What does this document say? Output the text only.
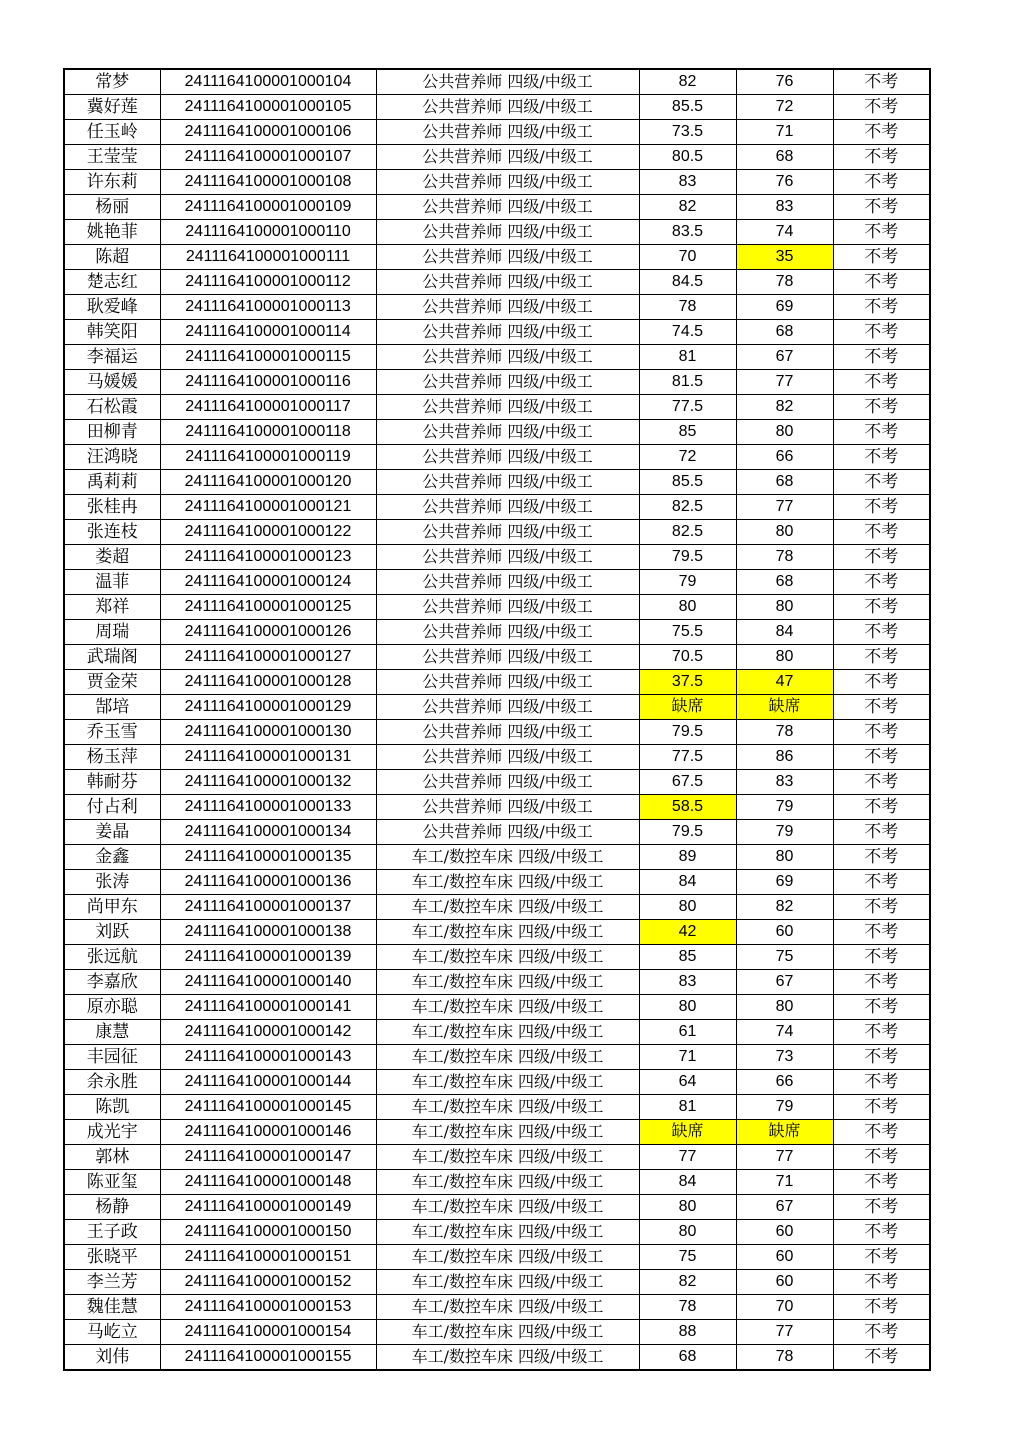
常梦	2411164100001000104	公共营养师 四级/中级工	82	76	不考
冀好莲	2411164100001000105	公共营养师 四级/中级工	85.5	72	不考
任玉岭	2411164100001000106	公共营养师 四级/中级工	73.5	71	不考
王莹莹	2411164100001000107	公共营养师 四级/中级工	80.5	68	不考
许东莉	2411164100001000108	公共营养师 四级/中级工	83	76	不考
杨丽	2411164100001000109	公共营养师 四级/中级工	82	83	不考
姚艳菲	2411164100001000110	公共营养师 四级/中级工	83.5	74	不考
陈超	2411164100001000111	公共营养师 四级/中级工	70	35	不考
楚志红	2411164100001000112	公共营养师 四级/中级工	84.5	78	不考
耿爱峰	2411164100001000113	公共营养师 四级/中级工	78	69	不考
韩笑阳	2411164100001000114	公共营养师 四级/中级工	74.5	68	不考
李福运	2411164100001000115	公共营养师 四级/中级工	81	67	不考
马媛媛	2411164100001000116	公共营养师 四级/中级工	81.5	77	不考
石松霞	2411164100001000117	公共营养师 四级/中级工	77.5	82	不考
田柳青	2411164100001000118	公共营养师 四级/中级工	85	80	不考
汪鸿晓	2411164100001000119	公共营养师 四级/中级工	72	66	不考
禹莉莉	2411164100001000120	公共营养师 四级/中级工	85.5	68	不考
张桂冉	2411164100001000121	公共营养师 四级/中级工	82.5	77	不考
张连枝	2411164100001000122	公共营养师 四级/中级工	82.5	80	不考
娄超	2411164100001000123	公共营养师 四级/中级工	79.5	78	不考
温菲	2411164100001000124	公共营养师 四级/中级工	79	68	不考
郑祥	2411164100001000125	公共营养师 四级/中级工	80	80	不考
周瑞	2411164100001000126	公共营养师 四级/中级工	75.5	84	不考
武瑞阁	2411164100001000127	公共营养师 四级/中级工	70.5	80	不考
贾金荣	2411164100001000128	公共营养师 四级/中级工	37.5	47	不考
郜培	2411164100001000129	公共营养师 四级/中级工	缺席	缺席	不考
乔玉雪	2411164100001000130	公共营养师 四级/中级工	79.5	78	不考
杨玉萍	2411164100001000131	公共营养师 四级/中级工	77.5	86	不考
韩耐芬	2411164100001000132	公共营养师 四级/中级工	67.5	83	不考
付占利	2411164100001000133	公共营养师 四级/中级工	58.5	79	不考
姜晶	2411164100001000134	公共营养师 四级/中级工	79.5	79	不考
金鑫	2411164100001000135	车工/数控车床 四级/中级工	89	80	不考
张涛	2411164100001000136	车工/数控车床 四级/中级工	84	69	不考
尚甲东	2411164100001000137	车工/数控车床 四级/中级工	80	82	不考
刘跃	2411164100001000138	车工/数控车床 四级/中级工	42	60	不考
张远航	2411164100001000139	车工/数控车床 四级/中级工	85	75	不考
李嘉欣	2411164100001000140	车工/数控车床 四级/中级工	83	67	不考
原亦聪	2411164100001000141	车工/数控车床 四级/中级工	80	80	不考
康慧	2411164100001000142	车工/数控车床 四级/中级工	61	74	不考
丰园征	2411164100001000143	车工/数控车床 四级/中级工	71	73	不考
余永胜	2411164100001000144	车工/数控车床 四级/中级工	64	66	不考
陈凯	2411164100001000145	车工/数控车床 四级/中级工	81	79	不考
成光宇	2411164100001000146	车工/数控车床 四级/中级工	缺席	缺席	不考
郭林	2411164100001000147	车工/数控车床 四级/中级工	77	77	不考
陈亚玺	2411164100001000148	车工/数控车床 四级/中级工	84	71	不考
杨静	2411164100001000149	车工/数控车床 四级/中级工	80	67	不考
王子政	2411164100001000150	车工/数控车床 四级/中级工	80	60	不考
张晓平	2411164100001000151	车工/数控车床 四级/中级工	75	60	不考
李兰芳	2411164100001000152	车工/数控车床 四级/中级工	82	60	不考
魏佳慧	2411164100001000153	车工/数控车床 四级/中级工	78	70	不考
马屹立	2411164100001000154	车工/数控车床 四级/中级工	88	77	不考
刘伟	2411164100001000155	车工/数控车床 四级/中级工	68	78	不考
